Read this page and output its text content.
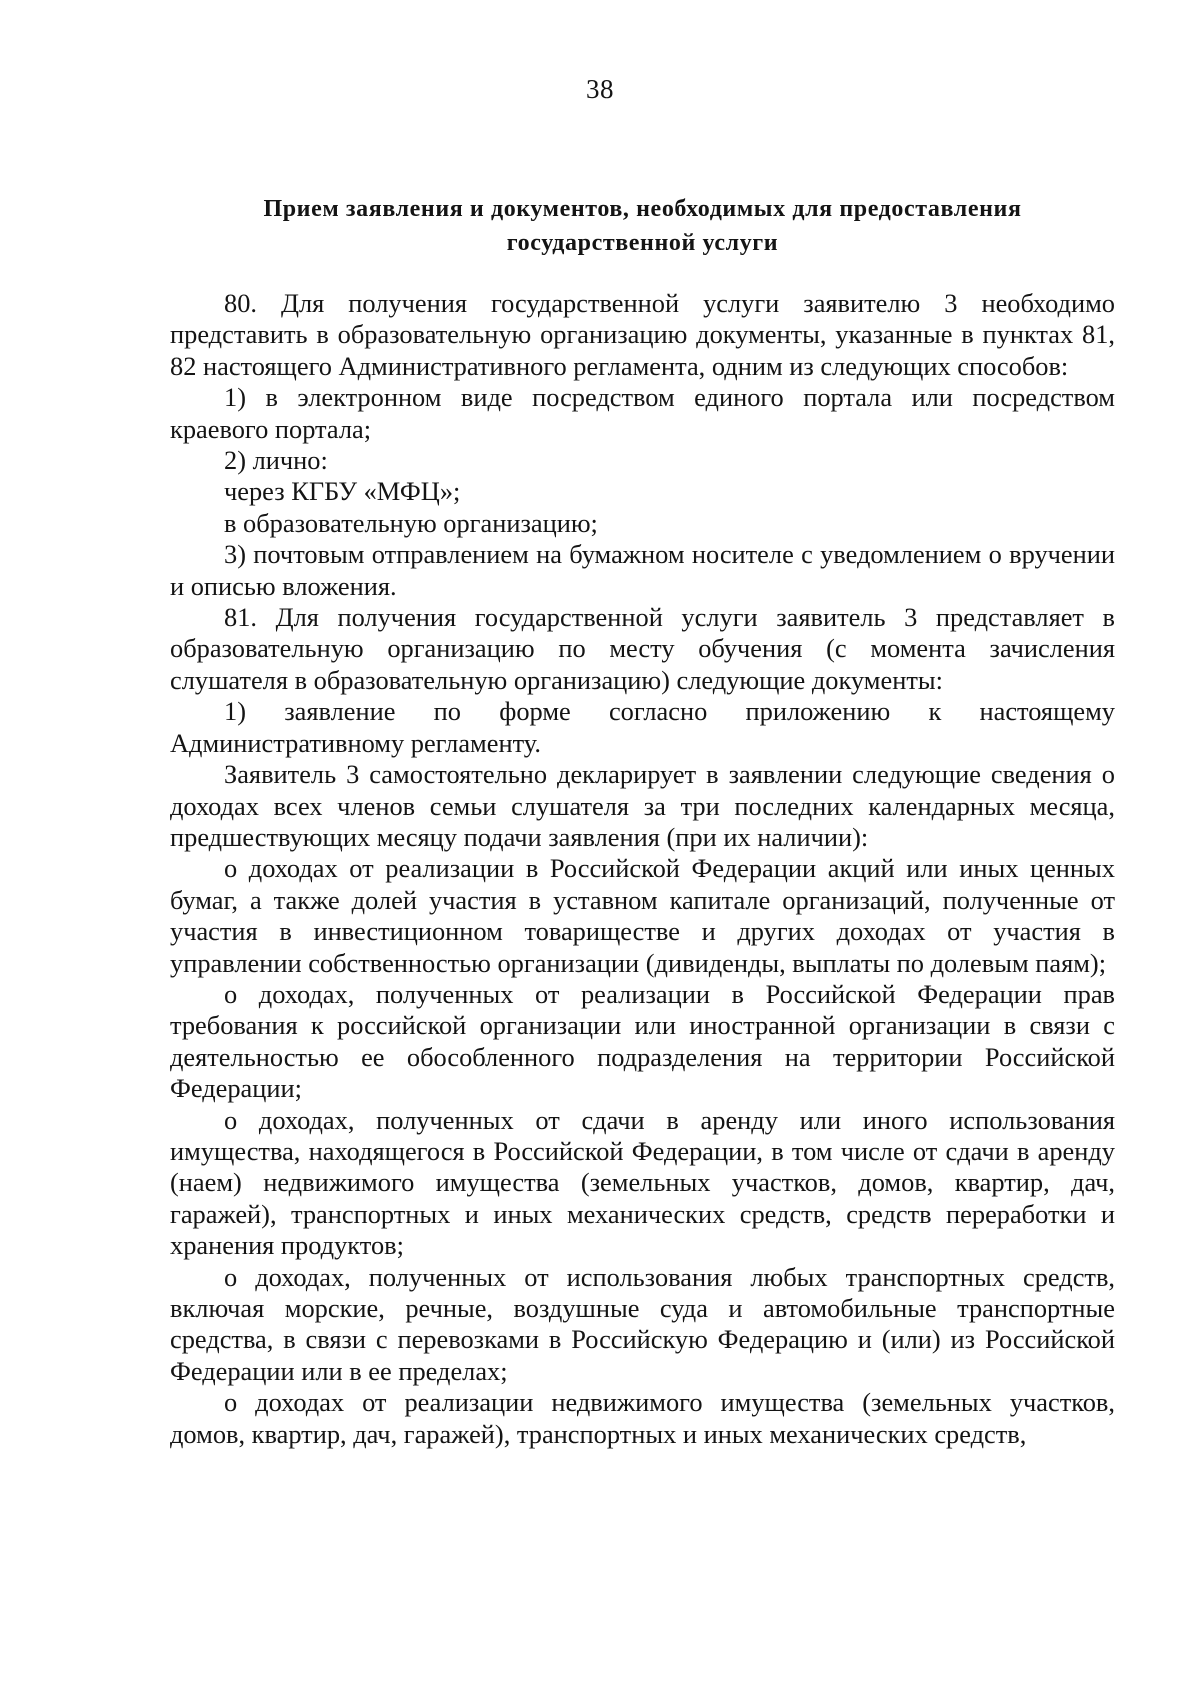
38
Прием заявления и документов, необходимых для предоставления государственной услуги

80. Для получения государственной услуги заявителю 3 необходимо представить в образовательную организацию документы, указанные в пунктах 81, 82 настоящего Административного регламента, одним из следующих способов:

1) в электронном виде посредством единого портала или посредством краевого портала;

2) лично:

через КГБУ «МФЦ»;

в образовательную организацию;

3) почтовым отправлением на бумажном носителе с уведомлением о вручении и описью вложения.

81. Для получения государственной услуги заявитель 3 представляет в образовательную организацию по месту обучения (с момента зачисления слушателя в образовательную организацию) следующие документы:

1) заявление по форме согласно приложению к настоящему Административному регламенту.

Заявитель 3 самостоятельно декларирует в заявлении следующие сведения о доходах всех членов семьи слушателя за три последних календарных месяца, предшествующих месяцу подачи заявления (при их наличии):

о доходах от реализации в Российской Федерации акций или иных ценных бумаг, а также долей участия в уставном капитале организаций, полученные от участия в инвестиционном товариществе и других доходах от участия в управлении собственностью организации (дивиденды, выплаты по долевым паям);

о доходах, полученных от реализации в Российской Федерации прав требования к российской организации или иностранной организации в связи с деятельностью ее обособленного подразделения на территории Российской Федерации;

о доходах, полученных от сдачи в аренду или иного использования имущества, находящегося в Российской Федерации, в том числе от сдачи в аренду (наем) недвижимого имущества (земельных участков, домов, квартир, дач, гаражей), транспортных и иных механических средств, средств переработки и хранения продуктов;

о доходах, полученных от использования любых транспортных средств, включая морские, речные, воздушные суда и автомобильные транспортные средства, в связи с перевозками в Российскую Федерацию и (или) из Российской Федерации или в ее пределах;

о доходах от реализации недвижимого имущества (земельных участков, домов, квартир, дач, гаражей), транспортных и иных механических средств,
